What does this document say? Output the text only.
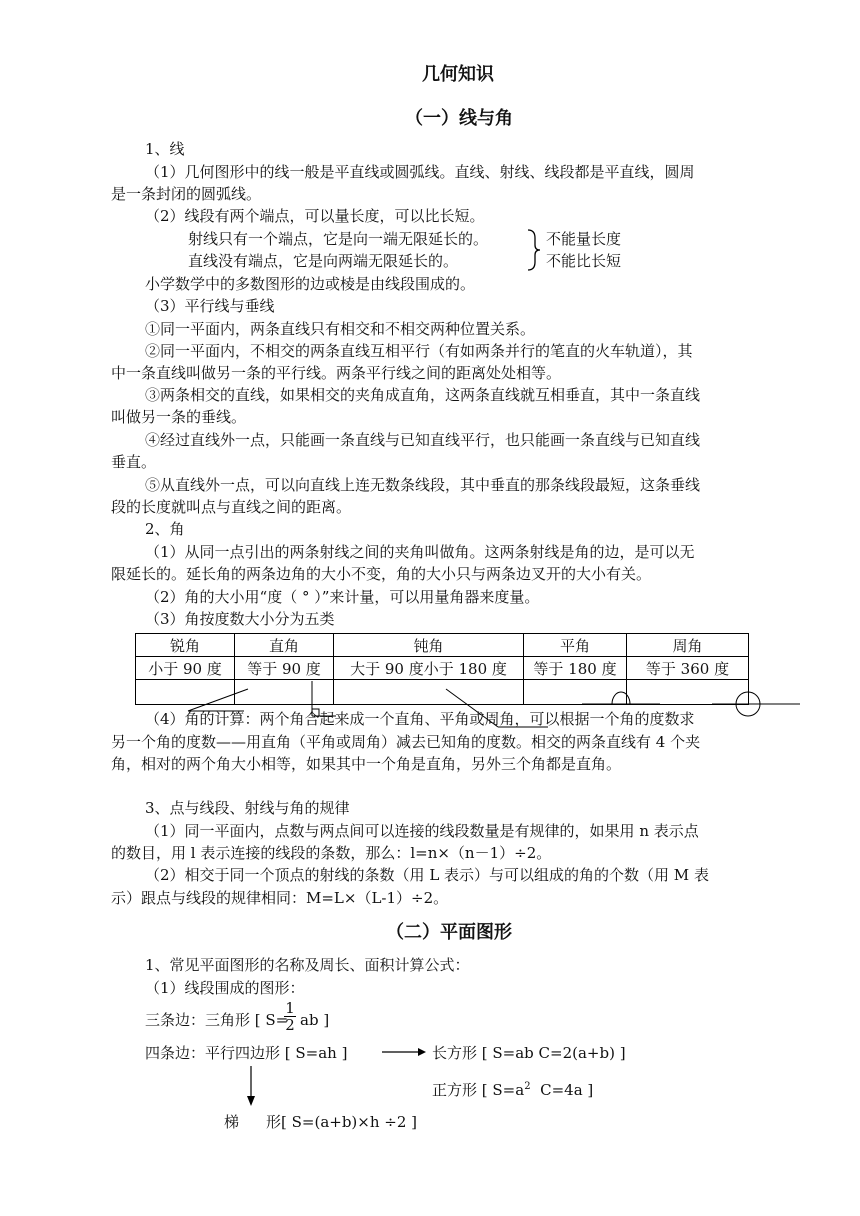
几何知识
（一）线与角
1、线
（1）几何图形中的线一般是平直线或圆弧线。直线、射线、线段都是平直线，圆周
是一条封闭的圆弧线。
（2）线段有两个端点，可以量长度，可以比长短。
射线只有一个端点，它是向一端无限延长的。
直线没有端点，它是向两端无限延长的。
不能量长度
不能比长短
小学数学中的多数图形的边或棱是由线段围成的。
（3）平行线与垂线
①同一平面内，两条直线只有相交和不相交两种位置关系。
②同一平面内，不相交的两条直线互相平行（有如两条并行的笔直的火车轨道），其
中一条直线叫做另一条的平行线。两条平行线之间的距离处处相等。
③两条相交的直线，如果相交的夹角成直角，这两条直线就互相垂直，其中一条直线
叫做另一条的垂线。
④经过直线外一点，只能画一条直线与已知直线平行，也只能画一条直线与已知直线
垂直。
⑤从直线外一点，可以向直线上连无数条线段，其中垂直的那条线段最短，这条垂线
段的长度就叫点与直线之间的距离。
2、角
（1）从同一点引出的两条射线之间的夹角叫做角。这两条射线是角的边，是可以无
限延长的。延长角的两条边角的大小不变，角的大小只与两条边叉开的大小有关。
（2）角的大小用“度（ ° ）”来计量，可以用量角器来度量。
（3）角按度数大小分为五类
锐角	直角	钝角	平角	周角
小于 90 度	等于 90 度	大于 90 度小于 180 度	等于 180 度	等于 360 度

（4）角的计算：两个角合起来成一个直角、平角或周角，可以根据一个角的度数求
另一个角的度数——用直角（平角或周角）减去已知角的度数。相交的两条直线有 4 个夹
角，相对的两个角大小相等，如果其中一个角是直角，另外三个角都是直角。
3、点与线段、射线与角的规律
（1）同一平面内，点数与两点间可以连接的线段数量是有规律的，如果用 n 表示点
的数目，用 l 表示连接的线段的条数，那么：l=n×（n－1）÷2。
（2）相交于同一个顶点的射线的条数（用 L 表示）与可以组成的角的个数（用 M 表
示）跟点与线段的规律相同：M=L×（L-1）÷2。
（二）平面图形
1、常见平面图形的名称及周长、面积计算公式：
（1）线段围成的图形：
三条边：三角形 [ S=
$\frac{1}{2}$ ab ]
四条边：平行四边形 [ S=ah ]	长方形 [ S=ab C=2(a+b) ]
正方形 [ $S=a^2$  C=4a ]
梯 形[ S=(a+b)×h ÷2 ]
